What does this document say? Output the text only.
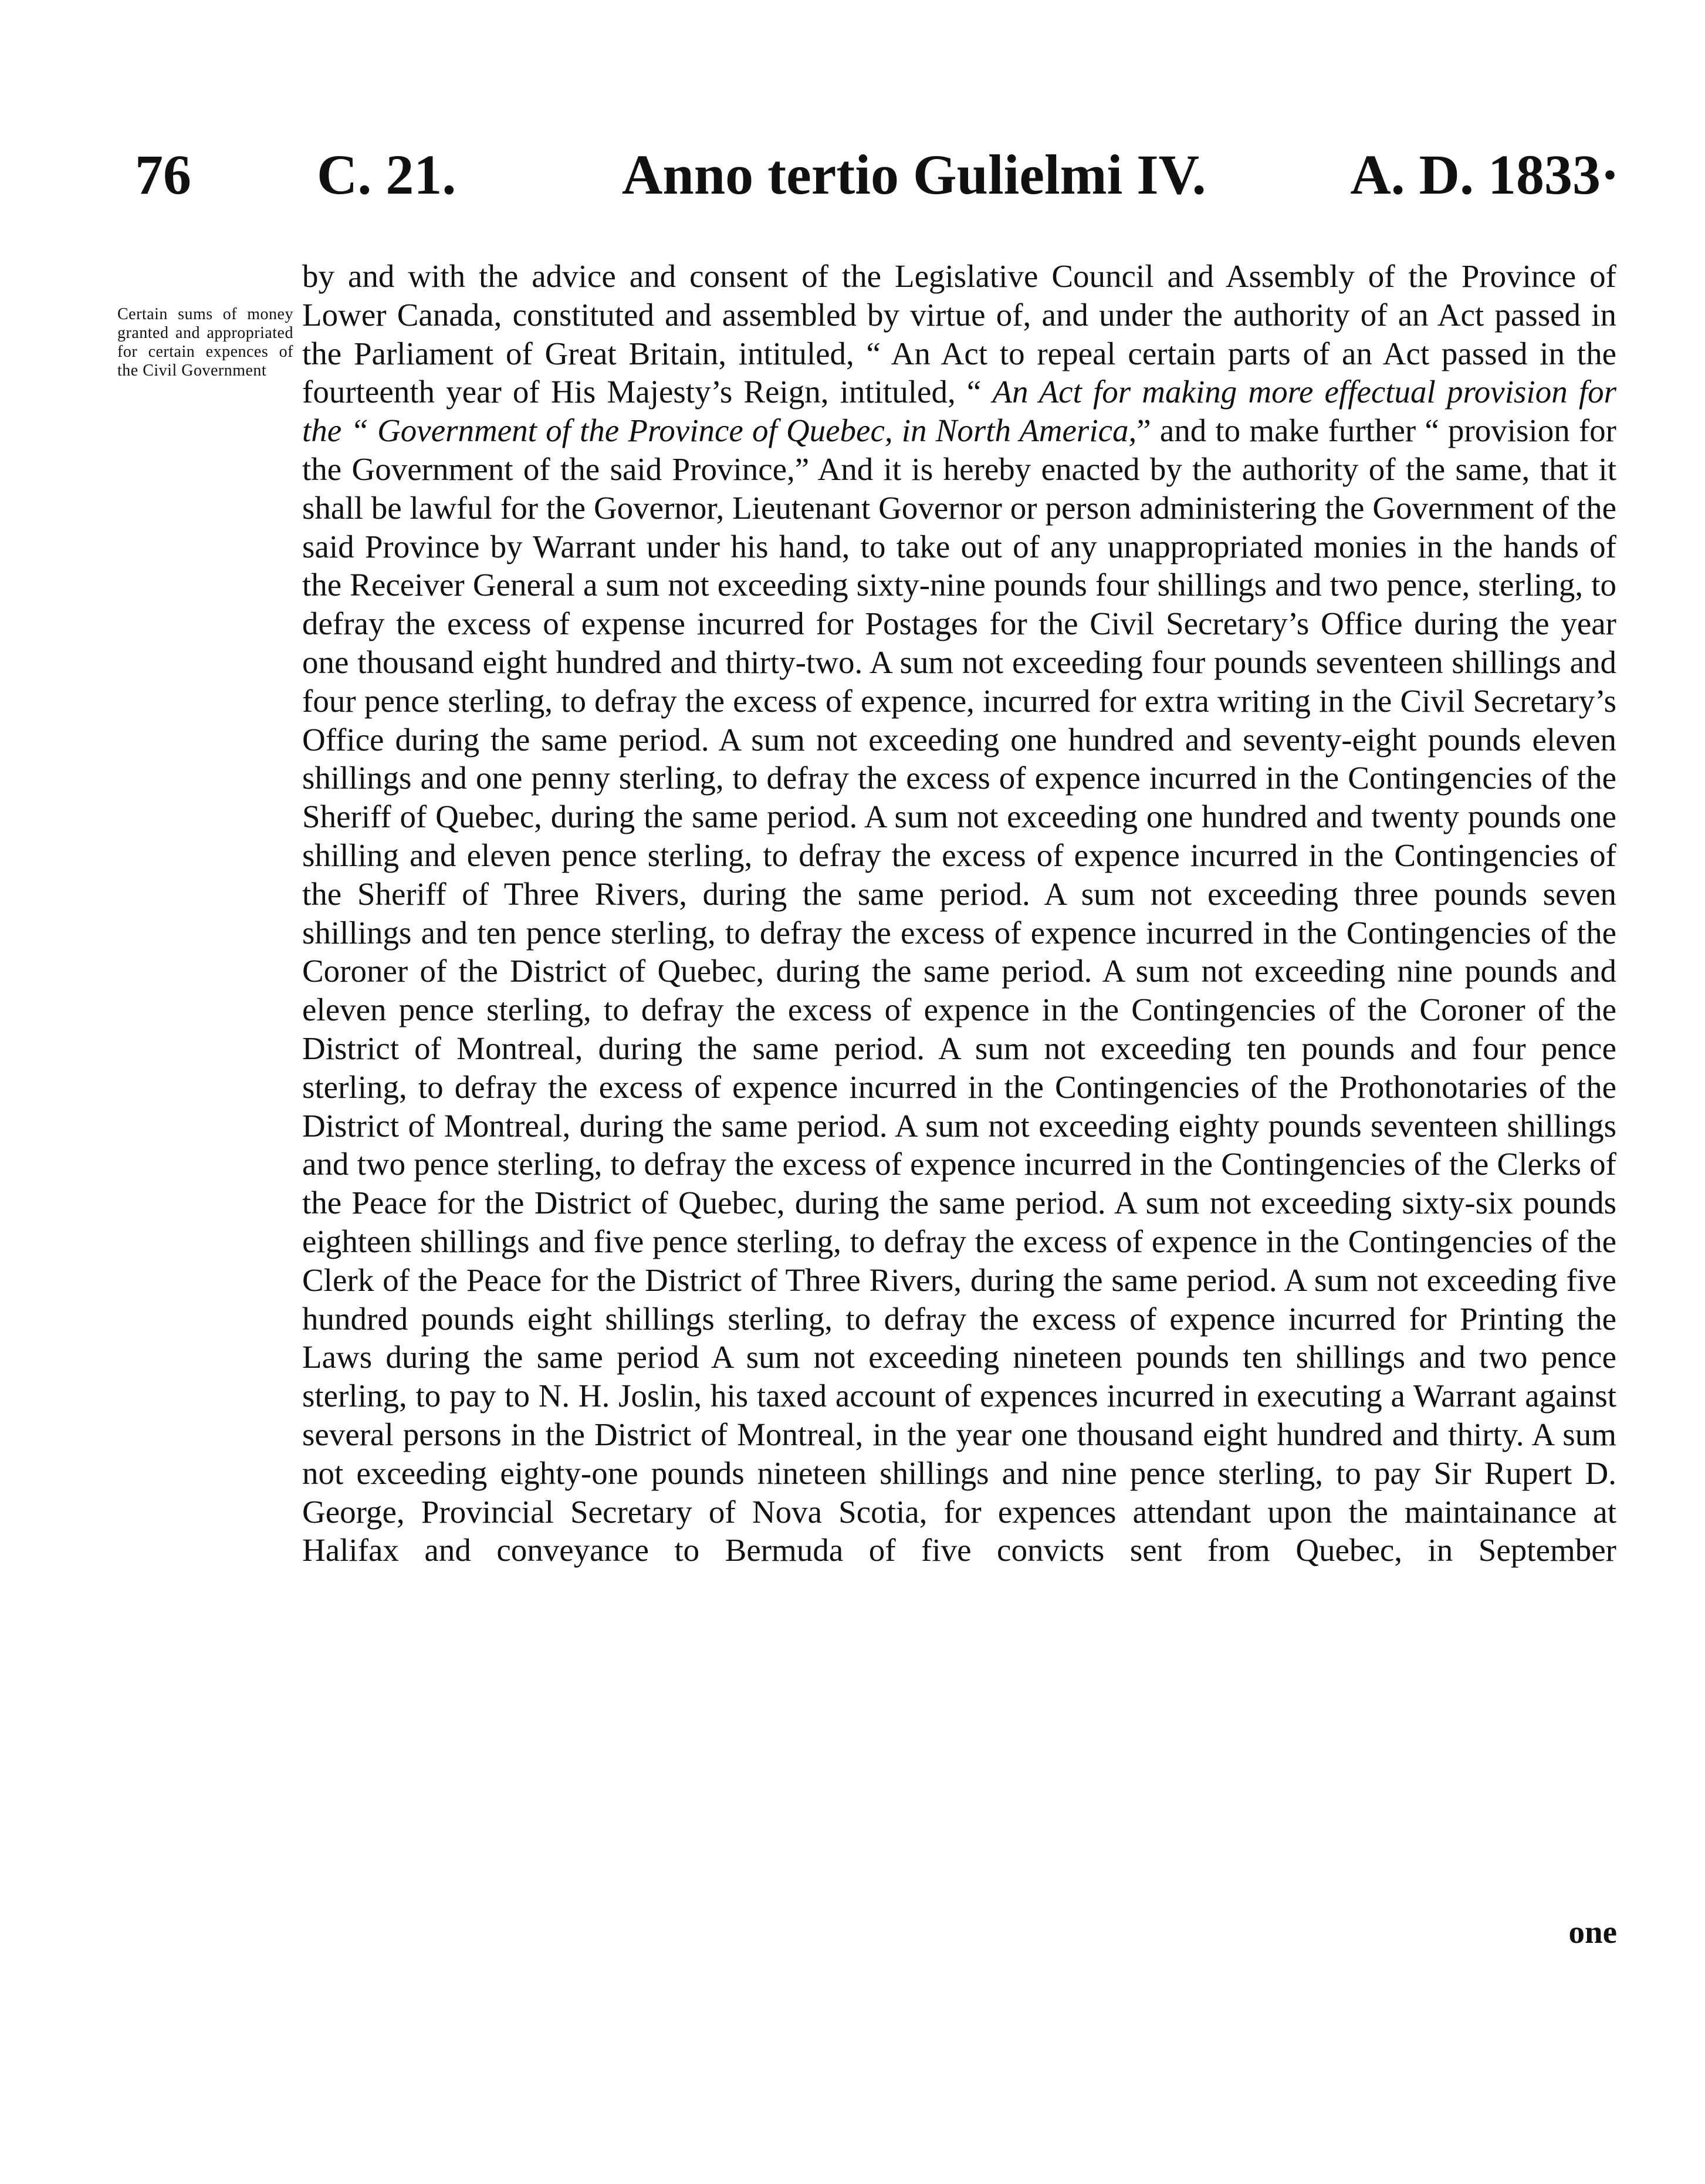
76 C. 21.	Anno tertio Gulielmi IV.	A. D. 1833·
Certain sums of money granted and appropriated for certain expences of the Civil Government

by and with the advice and consent of the Legislative Council and Assembly of the Province of Lower Canada, constituted and assembled by virtue of, and under the authority of an Act passed in the Parliament of Great Britain, intituled, “ An Act to repeal certain parts of an Act passed in the fourteenth year of His Majesty’s Reign, intituled, “ An Act for making more effectual provision for the “ Government of the Province of Quebec, in North America,” and to make further “ provision for the Government of the said Province,” And it is hereby enacted by the authority of the same, that it shall be lawful for the Governor, Lieutenant Governor or person administering the Government of the said Province by Warrant under his hand, to take out of any unappropriated monies in the hands of the Receiver General a sum not exceeding sixty-nine pounds four shillings and two pence, sterling, to defray the excess of expense incurred for Postages for the Civil Secretary’s Office during the year one thousand eight hundred and thirty-two. A sum not exceeding four pounds seventeen shillings and four pence sterling, to defray the excess of expence, incurred for extra writing in the Civil Secretary’s Office during the same period. A sum not exceeding one hundred and seventy-eight pounds eleven shillings and one penny sterling, to defray the excess of expence incurred in the Contingencies of the Sheriff of Quebec, during the same period. A sum not exceeding one hundred and twenty pounds one shilling and eleven pence sterling, to defray the excess of expence incurred in the Contingencies of the Sheriff of Three Rivers, during the same period. A sum not exceeding three pounds seven shillings and ten pence sterling, to defray the excess of expence incurred in the Contingencies of the Coroner of the District of Quebec, during the same period. A sum not exceeding nine pounds and eleven pence sterling, to defray the excess of expence in the Contingencies of the Coroner of the District of Montreal, during the same period. A sum not exceeding ten pounds and four pence sterling, to defray the excess of expence incurred in the Contingencies of the Prothonotaries of the District of Montreal, during the same period. A sum not exceeding eighty pounds seventeen shillings and two pence sterling, to defray the excess of expence incurred in the Contingencies of the Clerks of the Peace for the District of Quebec, during the same period. A sum not exceeding sixty-six pounds eighteen shillings and five pence sterling, to defray the excess of expence in the Contingencies of the Clerk of the Peace for the District of Three Rivers, during the same period. A sum not exceeding five hundred pounds eight shillings sterling, to defray the excess of expence incurred for Printing the Laws during the same period A sum not exceeding nineteen pounds ten shillings and two pence sterling, to pay to N. H. Joslin, his taxed account of expences incurred in executing a Warrant against several persons in the District of Montreal, in the year one thousand eight hundred and thirty. A sum not exceeding eighty-one pounds nineteen shillings and nine pence sterling, to pay Sir Rupert D. George, Provincial Secretary of Nova Scotia, for expences attendant upon the maintainance at Halifax and conveyance to Bermuda of five convicts sent from Quebec, in September

one
